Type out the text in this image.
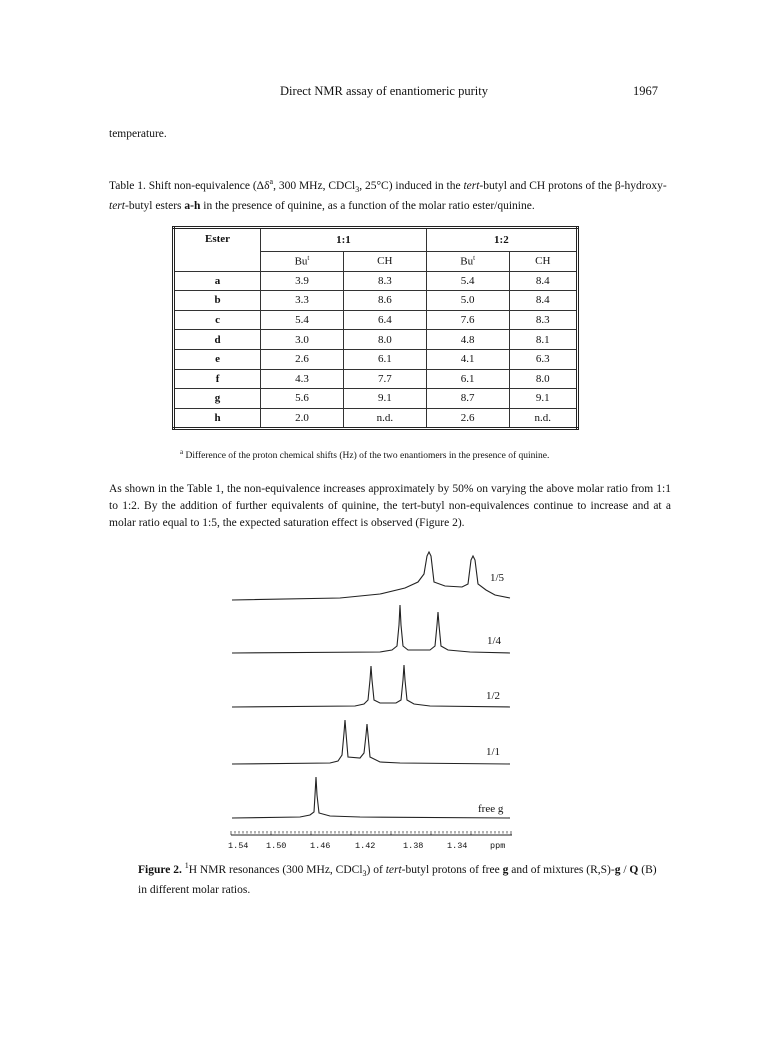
Direct NMR assay of enantiomeric purity	1967
temperature.
Table 1. Shift non-equivalence ($\Delta\delta^a$, 300 MHz, CDCl$_3$, 25°C) induced in the tert-butyl and CH protons of the β-hydroxy-tert-butyl esters a-h in the presence of quinine, as a function of the molar ratio ester/quinine.
Ester	1:1		1:2	
	Bu$^t$	CH	Bu$^t$	CH
a	3.9	8.3	5.4	8.4
b	3.3	8.6	5.0	8.4
c	5.4	6.4	7.6	8.3
d	3.0	8.0	4.8	8.1
e	2.6	6.1	4.1	6.3
f	4.3	7.7	6.1	8.0
g	5.6	9.1	8.7	9.1
h	2.0	n.d.	2.6	n.d.
$^a$ Difference of the proton chemical shifts (Hz) of the two enantiomers in the presence of quinine.
As shown in the Table 1, the non-equivalence increases approximately by 50% on varying the above molar ratio from 1:1 to 1:2. By the addition of further equivalents of quinine, the tert-butyl non-equivalences continue to increase and at a molar ratio equal to 1:5, the expected saturation effect is observed (Figure 2).
1/5
1/4
1/2
1/1
free g
1.54 1.50	1.46	1.42	1.38	1.34	ppm
Figure 2. $^1$H NMR resonances (300 MHz, CDCl$_3$) of tert-butyl protons of free g and of mixtures (R,S)-g / Q (B) in different molar ratios.
